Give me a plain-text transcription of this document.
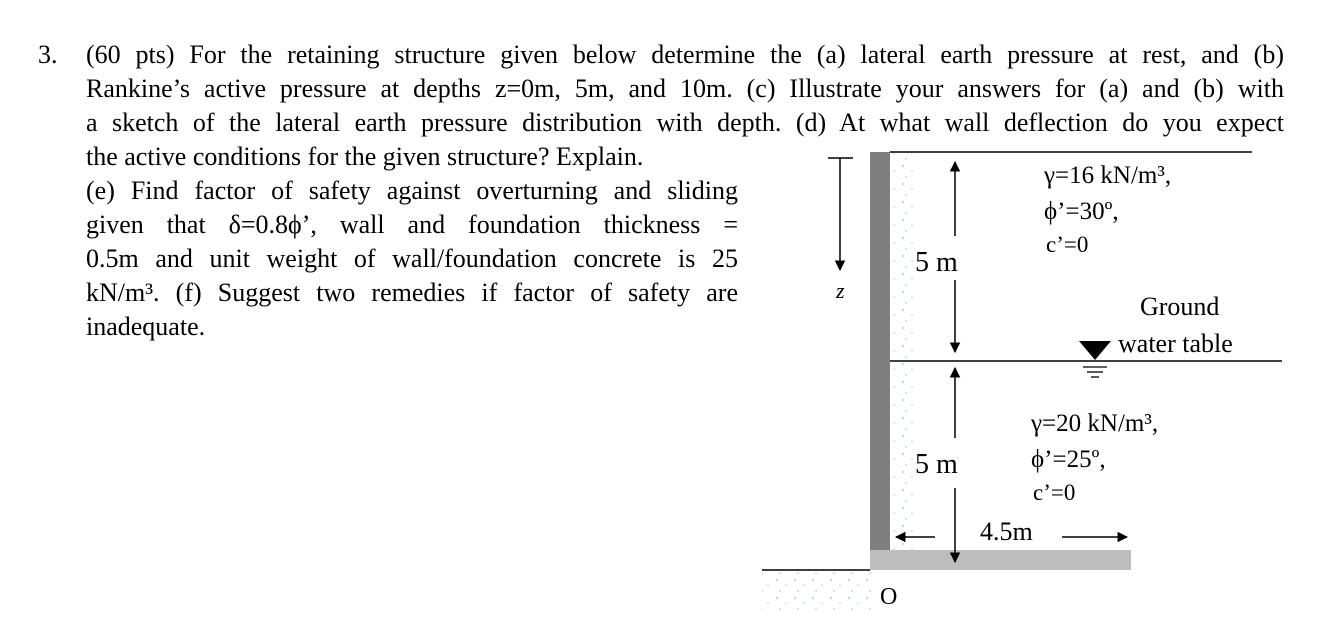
3. (60 pts) For the retaining structure given below determine the (a) lateral earth pressure at rest, and (b)
Rankine’s active pressure at depths z=0m, 5m, and 10m. (c) Illustrate your answers for (a) and (b) with
a sketch of the lateral earth pressure distribution with depth. (d) At what wall deflection do you expect
the active conditions for the given structure? Explain.
(e) Find factor of safety against overturning and sliding
given that δ=0.8ϕ’, wall and foundation thickness =
0.5m and unit weight of wall/foundation concrete is 25
kN/m³. (f) Suggest two remedies if factor of safety are
inadequate.
z
5 m
5 m
4.5m
O
γ=16 kN/m³,
ϕ’=30º,
c’=0
Ground
water table
γ=20 kN/m³,
ϕ’=25º,
c’=0
